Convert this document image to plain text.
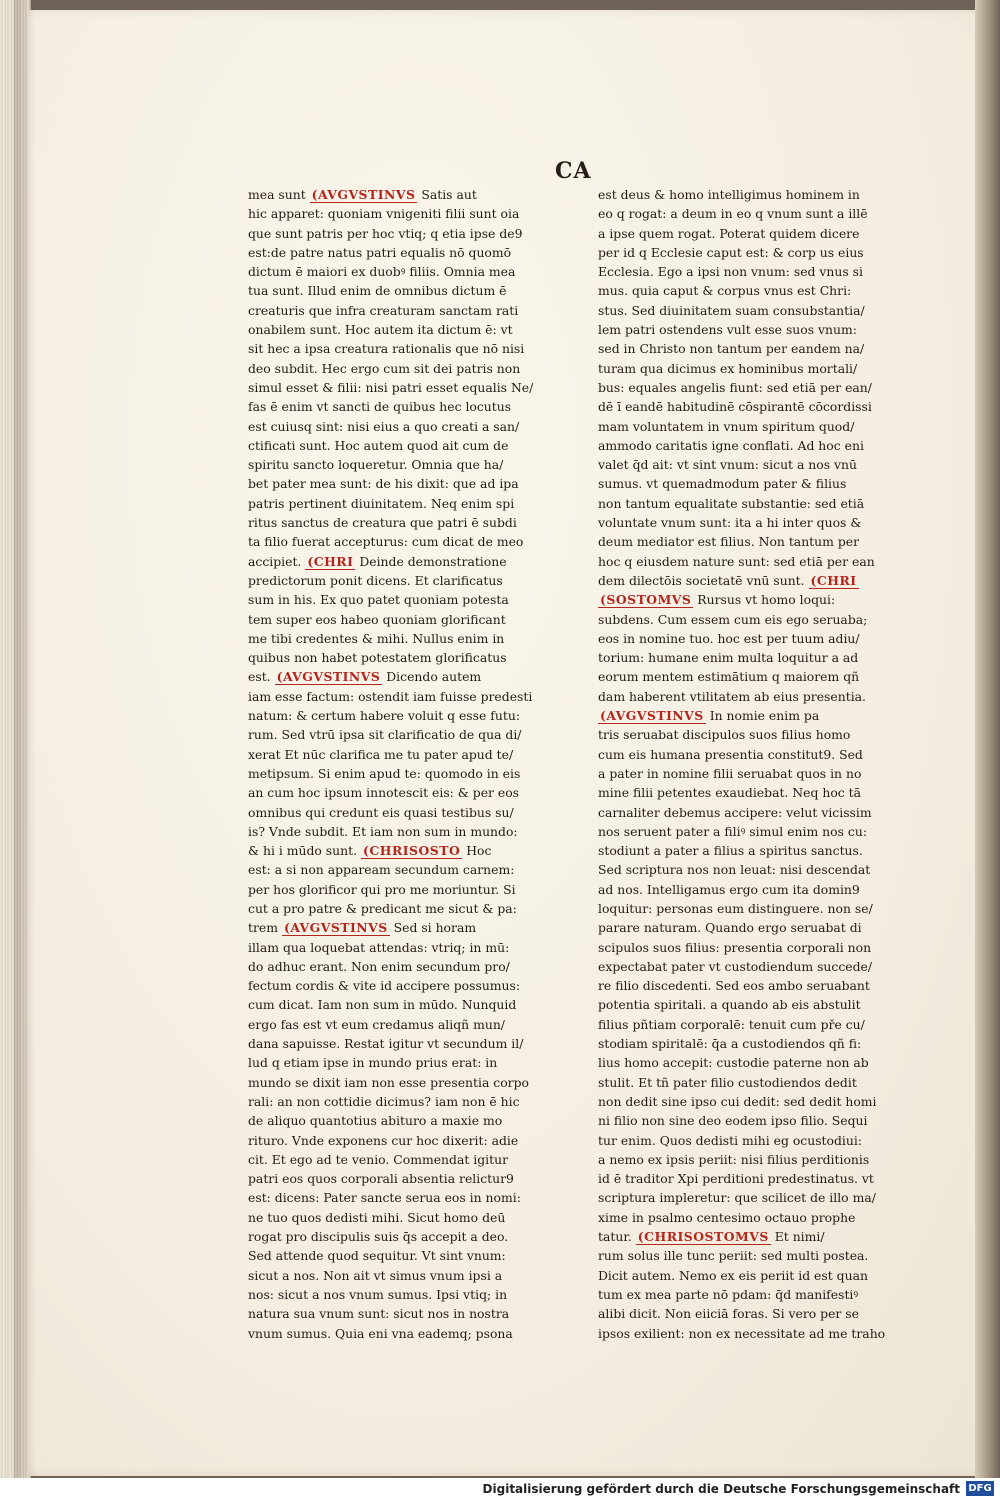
CA
mea sunt ( AVGVSTINVS Satis aut
hic apparet: quoniam vnigeniti filii sunt oia
que sunt patris per hoc vtiq; q etia ipse de9
est:de patre natus patri equalis nō quomō
dictum ē maiori ex duobꝰ filiis. Omnia mea
tua sunt. Illud enim de omnibus dictum ē
creaturis que infra creaturam sanctam rati
onabilem sunt. Hoc autem ita dictum ē: vt
sit hec a ipsa creatura rationalis que nō nisi
deo subdit. Hec ergo cum sit dei patris non
simul esset & filii: nisi patri esset equalis Ne/
fas ē enim vt sancti de quibus hec locutus
est cuiusq sint: nisi eius a quo creati a san/
ctificati sunt. Hoc autem quod ait cum de
spiritu sancto loqueretur. Omnia que ha/
bet pater mea sunt: de his dixit: que ad ipa
patris pertinent diuinitatem. Neq enim spi
ritus sanctus de creatura que patri ē subdi
ta filio fuerat accepturus: cum dicat de meo
accipiet. ( CHRI Deinde demonstratione
predictorum ponit dicens. Et clarificatus
sum in his. Ex quo patet quoniam potesta
tem super eos habeo quoniam glorificant
me tibi credentes & mihi. Nullus enim in
quibus non habet potestatem glorificatus
est. ( AVGVSTINVS Dicendo autem
iam esse factum: ostendit iam fuisse predesti
natum: & certum habere voluit q esse futu:
rum. Sed vtrū ipsa sit clarificatio de qua di/
xerat Et nūc clarifica me tu pater apud te/
metipsum. Si enim apud te: quomodo in eis
an cum hoc ipsum innotescit eis: & per eos
omnibus qui credunt eis quasi testibus su/
is? Vnde subdit. Et iam non sum in mundo:
& hi i mūdo sunt. ( CHRISOSTO Hoc
est: a si non appaream secundum carnem:
per hos glorificor qui pro me moriuntur. Si
cut a pro patre & predicant me sicut & pa:
trem ( AVGVSTINVS Sed si horam
illam qua loquebat attendas: vtriq; in mū:
do adhuc erant. Non enim secundum pro/
fectum cordis & vite id accipere possumus:
cum dicat. Iam non sum in mūdo. Nunquid
ergo fas est vt eum credamus aliqñ mun/
dana sapuisse. Restat igitur vt secundum il/
lud q etiam ipse in mundo prius erat: in
mundo se dixit iam non esse presentia corpo
rali: an non cottidie dicimus? iam non ē hic
de aliquo quantotius abituro a maxie mo
rituro. Vnde exponens cur hoc dixerit: adie
cit. Et ego ad te venio. Commendat igitur
patri eos quos corporali absentia relictur9
est: dicens: Pater sancte serua eos in nomi:
ne tuo quos dedisti mihi. Sicut homo deū
rogat pro discipulis suis q̄s accepit a deo.
Sed attende quod sequitur. Vt sint vnum:
sicut a nos. Non ait vt simus vnum ipsi a
nos: sicut a nos vnum sumus. Ipsi vtiq; in
natura sua vnum sunt: sicut nos in nostra
vnum sumus. Quia eni vna eademq; psona
est deus & homo intelligimus hominem in
eo q rogat: a deum in eo q vnum sunt a illē
a ipse quem rogat. Poterat quidem dicere
per id q Ecclesie caput est: & corp us eius
Ecclesia. Ego a ipsi non vnum: sed vnus si
mus. quia caput & corpus vnus est Chri:
stus. Sed diuinitatem suam consubstantia/
lem patri ostendens vult esse suos vnum:
sed in Christo non tantum per eandem na/
turam qua dicimus ex hominibus mortali/
bus: equales angelis fiunt: sed etiā per ean/
dē ī eandē habitudinē cōspirantē cōcordissi
mam voluntatem in vnum spiritum quod/
ammodo caritatis igne conflati. Ad hoc eni
valet q̄d ait: vt sint vnum: sicut a nos vnū
sumus. vt quemadmodum pater & filius
non tantum equalitate substantie: sed etiā
voluntate vnum sunt: ita a hi inter quos &
deum mediator est filius. Non tantum per
hoc q eiusdem nature sunt: sed etiā per ean
dem dilectōis societatē vnū sunt. ( CHRI
( SOSTOMVS Rursus vt homo loqui:
subdens. Cum essem cum eis ego seruaba;
eos in nomine tuo. hoc est per tuum adiu/
torium: humane enim multa loquitur a ad
eorum mentem estimātium q maiorem qñ
dam haberent vtilitatem ab eius presentia.
( AVGVSTINVS In nomie enim pa
tris seruabat discipulos suos filius homo
cum eis humana presentia constitut9. Sed
a pater in nomine filii seruabat quos in no
mine filii petentes exaudiebat. Neq hoc tā
carnaliter debemus accipere: velut vicissim
nos seruent pater a filiꝰ simul enim nos cu:
stodiunt a pater a filius a spiritus sanctus.
Sed scriptura nos non leuat: nisi descendat
ad nos. Intelligamus ergo cum ita domin9
loquitur: personas eum distinguere. non se/
parare naturam. Quando ergo seruabat di
scipulos suos filius: presentia corporali non
expectabat pater vt custodiendum succede/
re filio discedenti. Sed eos ambo seruabant
potentia spiritali. a quando ab eis abstulit
filius pñtiam corporalē: tenuit cum pře cu/
stodiam spiritalē: q̄a a custodiendos qñ fi:
lius homo accepit: custodie paterne non ab
stulit. Et tñ pater filio custodiendos dedit
non dedit sine ipso cui dedit: sed dedit homi
ni filio non sine deo eodem ipso filio. Sequi
tur enim. Quos dedisti mihi eg ocustodiui:
a nemo ex ipsis periit: nisi filius perditionis
id ē traditor Xpi perditioni predestinatus. vt
scriptura impleretur: que scilicet de illo ma/
xime in psalmo centesimo octauo prophe
tatur. ( CHRISOSTOMVS Et nimi/
rum solus ille tunc periit: sed multi postea.
Dicit autem. Nemo ex eis periit id est quan
tum ex mea parte nō pdam: q̄d manifestiꝰ
alibi dicit. Non eiiciā foras. Si vero per se
ipsos exilient: non ex necessitate ad me traho
Digitalisierung gefördert durch die Deutsche Forschungsgemeinschaft DFG
